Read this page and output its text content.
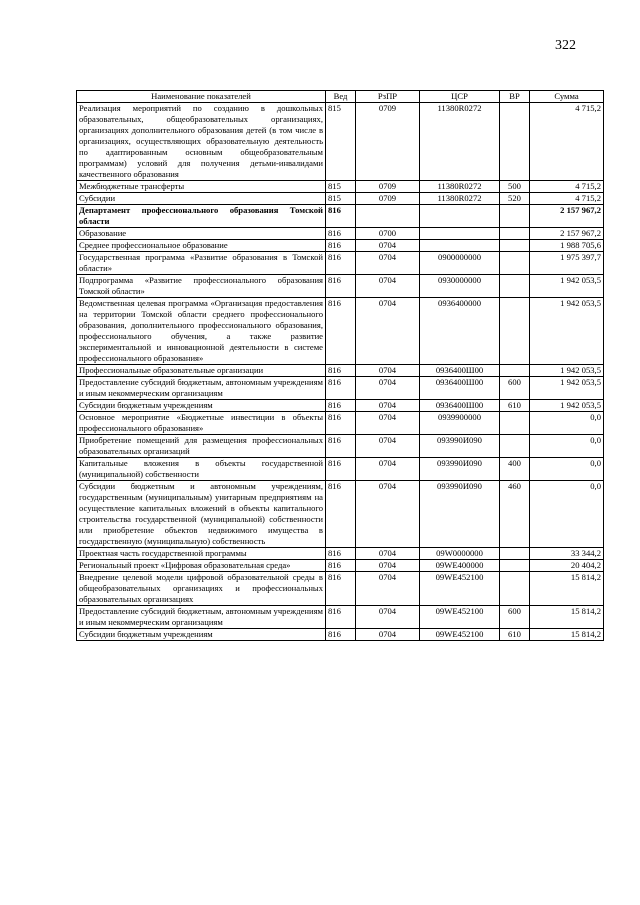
322
Наименование показателей	Вед	РзПР	ЦСР	ВР	Сумма
Реализация мероприятий по созданию в дошкольных образовательных, общеобразовательных организациях, организациях дополнительного образования детей (в том числе в организациях, осуществляющих образовательную деятельность по адаптированным основным общеобразовательным программам) условий для получения детьми-инвалидами качественного образования	815	0709	11380R0272		4 715,2
Межбюджетные трансферты	815	0709	11380R0272	500	4 715,2
Субсидии	815	0709	11380R0272	520	4 715,2
Департамент профессионального образования Томской области	816				2 157 967,2
Образование	816	0700			2 157 967,2
Среднее профессиональное образование	816	0704			1 988 705,6
Государственная программа «Развитие образования в Томской области»	816	0704	0900000000		1 975 397,7
Подпрограмма «Развитие профессионального образования Томской области»	816	0704	0930000000		1 942 053,5
Ведомственная целевая программа «Организация предоставления на территории Томской области среднего профессионального образования, дополнительного профессионального образования, профессионального обучения, а также развитие экспериментальной и инновационной деятельности в системе профессионального образования»	816	0704	0936400000		1 942 053,5
Профессиональные образовательные организации	816	0704	0936400Ш00		1 942 053,5
Предоставление субсидий бюджетным, автономным учреждениям и иным некоммерческим организациям	816	0704	0936400Ш00	600	1 942 053,5
Субсидии бюджетным учреждениям	816	0704	0936400Ш00	610	1 942 053,5
Основное мероприятие «Бюджетные инвестиции в объекты профессионального образования»	816	0704	0939900000		0,0
Приобретение помещений для размещения профессиональных образовательных организаций	816	0704	093990И090		0,0
Капитальные вложения в объекты государственной (муниципальной) собственности	816	0704	093990И090	400	0,0
Субсидии бюджетным и автономным учреждениям, государственным (муниципальным) унитарным предприятиям на осуществление капитальных вложений в объекты капитального строительства государственной (муниципальной) собственности или приобретение объектов недвижимого имущества в государственную (муниципальную) собственность	816	0704	093990И090	460	0,0
Проектная часть государственной программы	816	0704	09W0000000		33 344,2
Региональный проект «Цифровая образовательная среда»	816	0704	09WE400000		20 404,2
Внедрение целевой модели цифровой образовательной среды в общеобразовательных организациях и профессиональных образовательных организациях	816	0704	09WE452100		15 814,2
Предоставление субсидий бюджетным, автономным учреждениям и иным некоммерческим организациям	816	0704	09WE452100	600	15 814,2
Субсидии бюджетным учреждениям	816	0704	09WE452100	610	15 814,2
